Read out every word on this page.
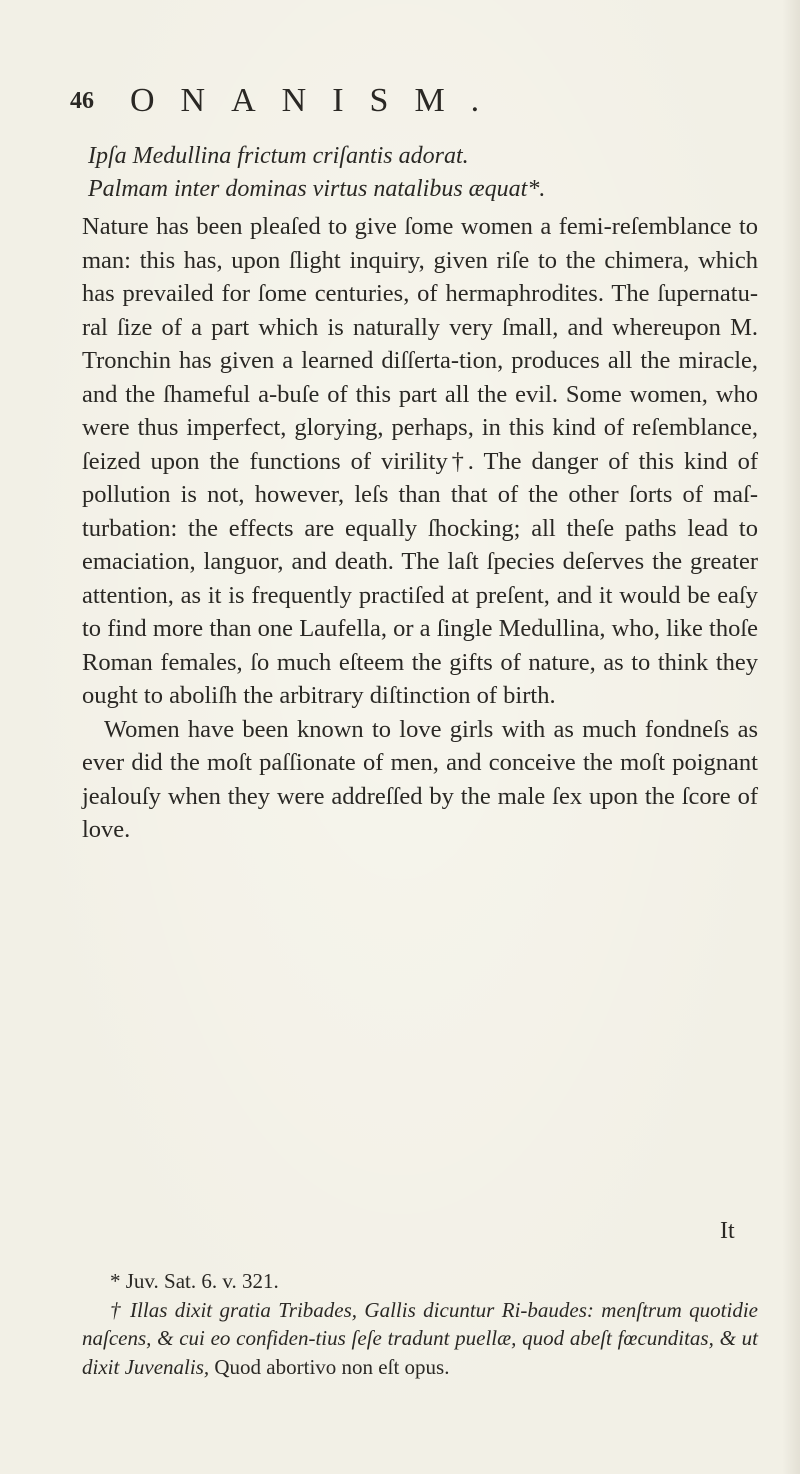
46 ONANISM.
Ipſa Medullina frictum criſantis adorat.
Palmam inter dominas virtus natalibus æquat*.

Nature has been pleaſed to give ſome women a femi-reſemblance to man: this has, upon ſlight inquiry, given riſe to the chimera, which has prevailed for ſome centuries, of hermaphrodites. The ſupernatu-ral ſize of a part which is naturally very ſmall, and whereupon M. Tronchin has given a learned diſſerta-tion, produces all the miracle, and the ſhameful a-buſe of this part all the evil. Some women, who were thus imperfect, glorying, perhaps, in this kind of reſemblance, ſeized upon the functions of virility†. The danger of this kind of pollution is not, however, leſs than that of the other ſorts of maſ-turbation: the effects are equally ſhocking; all theſe paths lead to emaciation, languor, and death. The laſt ſpecies deſerves the greater attention, as it is frequently practiſed at preſent, and it would be eaſy to find more than one Laufella, or a ſingle Medullina, who, like thoſe Roman females, ſo much eſteem the gifts of nature, as to think they ought to aboliſh the arbitrary diſtinction of birth.

Women have been known to love girls with as much fondneſs as ever did the moſt paſſionate of men, and conceive the moſt poignant jealouſy when they were addreſſed by the male ſex upon the ſcore of love.

It

* Juv. Sat. 6. v. 321.

† Illas dixit gratia Tribades, Gallis dicuntur Ri-baudes: menſtrum quotidie naſcens, & cui eo confiden-tius ſeſe tradunt puellæ, quod abeſt fœcunditas, & ut dixit Juvenalis, Quod abortivo non eſt opus.
